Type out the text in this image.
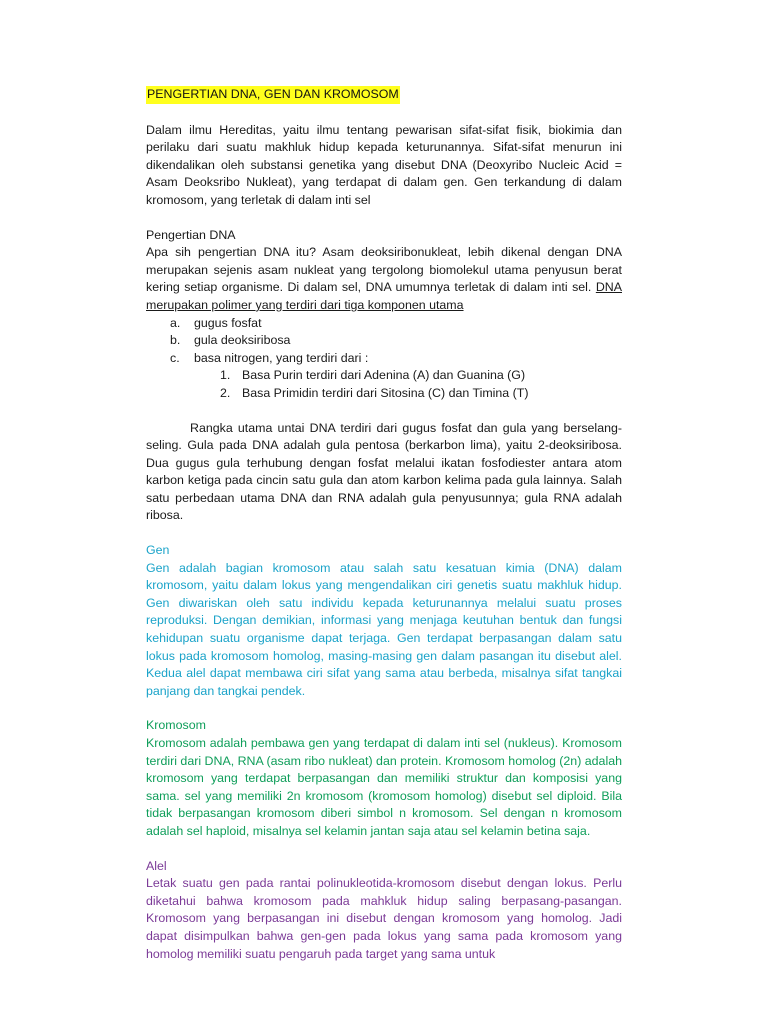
PENGERTIAN DNA, GEN DAN KROMOSOM

Dalam ilmu Hereditas, yaitu ilmu tentang pewarisan sifat-sifat fisik, biokimia dan perilaku dari suatu makhluk hidup kepada keturunannya. Sifat-sifat menurun ini dikendalikan oleh substansi genetika yang disebut DNA (Deoxyribo Nucleic Acid = Asam Deoksribo Nukleat), yang terdapat di dalam gen. Gen terkandung di dalam kromosom, yang terletak di dalam inti sel

Pengertian DNA

Apa sih pengertian DNA itu? Asam deoksiribonukleat, lebih dikenal dengan DNA merupakan sejenis asam nukleat yang tergolong biomolekul utama penyusun berat kering setiap organisme. Di dalam sel, DNA umumnya terletak di dalam inti sel. DNA merupakan polimer yang terdiri dari tiga komponen utama

a. gugus fosfat
b. gula deoksiribosa
c. basa nitrogen, yang terdiri dari :
1. Basa Purin terdiri dari Adenina (A) dan Guanina (G)
2. Basa Primidin terdiri dari Sitosina (C) dan Timina (T)

Rangka utama untai DNA terdiri dari gugus fosfat dan gula yang berselang-seling. Gula pada DNA adalah gula pentosa (berkarbon lima), yaitu 2-deoksiribosa. Dua gugus gula terhubung dengan fosfat melalui ikatan fosfodiester antara atom karbon ketiga pada cincin satu gula dan atom karbon kelima pada gula lainnya. Salah satu perbedaan utama DNA dan RNA adalah gula penyusunnya; gula RNA adalah ribosa.

Gen

Gen adalah bagian kromosom atau salah satu kesatuan kimia (DNA) dalam kromosom, yaitu dalam lokus yang mengendalikan ciri genetis suatu makhluk hidup. Gen diwariskan oleh satu individu kepada keturunannya melalui suatu proses reproduksi. Dengan demikian, informasi yang menjaga keutuhan bentuk dan fungsi kehidupan suatu organisme dapat terjaga. Gen terdapat berpasangan dalam satu lokus pada kromosom homolog, masing-masing gen dalam pasangan itu disebut alel. Kedua alel dapat membawa ciri sifat yang sama atau berbeda, misalnya sifat tangkai panjang dan tangkai pendek.

Kromosom

Kromosom adalah pembawa gen yang terdapat di dalam inti sel (nukleus). Kromosom terdiri dari DNA, RNA (asam ribo nukleat) dan protein. Kromosom homolog (2n) adalah kromosom yang terdapat berpasangan dan memiliki struktur dan komposisi yang sama. sel yang memiliki 2n kromosom (kromosom homolog) disebut sel diploid. Bila tidak berpasangan kromosom diberi simbol n kromosom. Sel dengan n kromosom adalah sel haploid, misalnya sel kelamin jantan saja atau sel kelamin betina saja.

Alel

Letak suatu gen pada rantai polinukleotida-kromosom disebut dengan lokus. Perlu diketahui bahwa kromosom pada mahkluk hidup saling berpasang-pasangan. Kromosom yang berpasangan ini disebut dengan kromosom yang homolog. Jadi dapat disimpulkan bahwa gen-gen pada lokus yang sama pada kromosom yang homolog memiliki suatu pengaruh pada target yang sama untuk
